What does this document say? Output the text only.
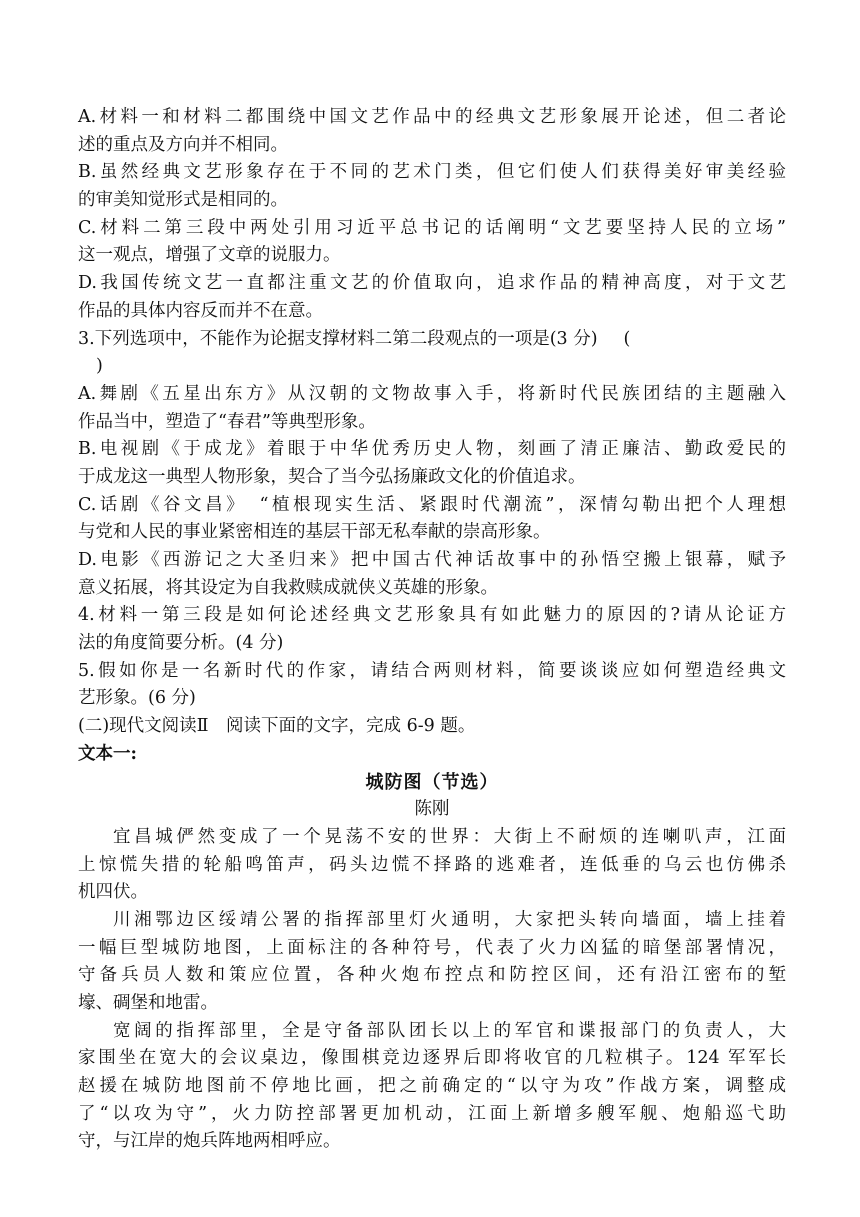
A.材料一和材料二都围绕中国文艺作品中的经典文艺形象展开论述，但二者论
述的重点及方向并不相同。
B.虽然经典文艺形象存在于不同的艺术门类，但它们使人们获得美好审美经验
的审美知觉形式是相同的。
C.材料二第三段中两处引用习近平总书记的话阐明“文艺要坚持人民的立场”
这一观点，增强了文章的说服力。
D.我国传统文艺一直都注重文艺的价值取向，追求作品的精神高度，对于文艺
作品的具体内容反而并不在意。
3.下列选项中，不能作为论据支撑材料二第二段观点的一项是(3 分) (
)
A.舞剧《五星出东方》从汉朝的文物故事入手，将新时代民族团结的主题融入
作品当中，塑造了“春君”等典型形象。
B.电视剧《于成龙》着眼于中华优秀历史人物，刻画了清正廉洁、勤政爱民的
于成龙这一典型人物形象，契合了当今弘扬廉政文化的价值追求。
C.话剧《谷文昌》　“植根现实生活、紧跟时代潮流”，深情勾勒出把个人理想
与党和人民的事业紧密相连的基层干部无私奉献的崇高形象。
D.电影《西游记之大圣归来》把中国古代神话故事中的孙悟空搬上银幕，赋予
意义拓展，将其设定为自我救赎成就侠义英雄的形象。
4.材料一第三段是如何论述经典文艺形象具有如此魅力的原因的?请从论证方
法的角度简要分析。(4 分)
5.假如你是一名新时代的作家，请结合两则材料，简要谈谈应如何塑造经典文
艺形象。(6 分)
(二)现代文阅读Ⅱ　阅读下面的文字，完成 6-9 题。
文本一:
城防图（节选）
陈刚
宜昌城俨然变成了一个晃荡不安的世界：大街上不耐烦的连喇叭声，江面
上惊慌失措的轮船鸣笛声，码头边慌不择路的逃难者，连低垂的乌云也仿佛杀
机四伏。
川湘鄂边区绥靖公署的指挥部里灯火通明，大家把头转向墙面，墙上挂着
一幅巨型城防地图，上面标注的各种符号，代表了火力凶猛的暗堡部署情况，
守备兵员人数和策应位置，各种火炮布控点和防控区间，还有沿江密布的堑
壕、碉堡和地雷。
宽阔的指挥部里，全是守备部队团长以上的军官和谍报部门的负责人，大
家围坐在宽大的会议桌边，像围棋竞边逐界后即将收官的几粒棋子。124 军军长
赵援在城防地图前不停地比画，把之前确定的“以守为攻”作战方案，调整成
了“以攻为守”，火力防控部署更加机动，江面上新增多艘军舰、炮船巡弋助
守，与江岸的炮兵阵地两相呼应。
